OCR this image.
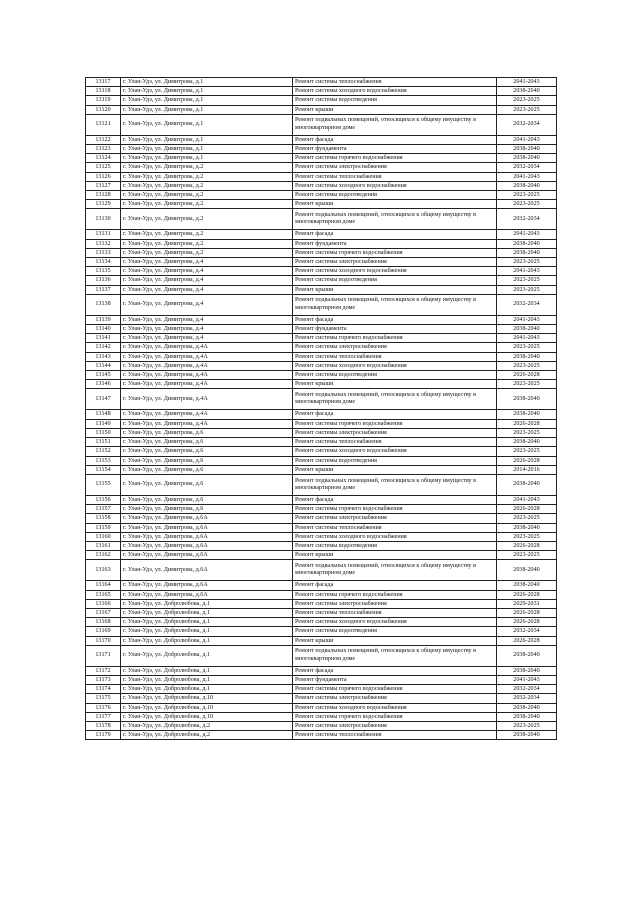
13117	г. Улан-Удэ, ул. Димитрова, д.1	Ремонт системы теплоснабжения	2041-2043
13118	г. Улан-Удэ, ул. Димитрова, д.1	Ремонт системы холодного водоснабжения	2038-2040
13119	г. Улан-Удэ, ул. Димитрова, д.1	Ремонт системы водоотведения	2023-2025
13120	г. Улан-Удэ, ул. Димитрова, д.1	Ремонт крыши	2023-2025
13121	г. Улан-Удэ, ул. Димитрова, д.1	Ремонт подвальных помещений, относящихся к общему имуществу в многоквартирном доме	2032-2034
13122	г. Улан-Удэ, ул. Димитрова, д.1	Ремонт фасада	2041-2043
13123	г. Улан-Удэ, ул. Димитрова, д.1	Ремонт фундамента	2038-2040
13124	г. Улан-Удэ, ул. Димитрова, д.1	Ремонт системы горячего водоснабжения	2038-2040
13125	г. Улан-Удэ, ул. Димитрова, д.2	Ремонт системы электроснабжения	2032-2034
13126	г. Улан-Удэ, ул. Димитрова, д.2	Ремонт системы теплоснабжения	2041-2043
13127	г. Улан-Удэ, ул. Димитрова, д.2	Ремонт системы холодного водоснабжения	2038-2040
13128	г. Улан-Удэ, ул. Димитрова, д.2	Ремонт системы водоотведения	2023-2025
13129	г. Улан-Удэ, ул. Димитрова, д.2	Ремонт крыши	2023-2025
13130	г. Улан-Удэ, ул. Димитрова, д.2	Ремонт подвальных помещений, относящихся к общему имуществу в многоквартирном доме	2032-2034
13131	г. Улан-Удэ, ул. Димитрова, д.2	Ремонт фасада	2041-2043
13132	г. Улан-Удэ, ул. Димитрова, д.2	Ремонт фундамента	2038-2040
13133	г. Улан-Удэ, ул. Димитрова, д.2	Ремонт системы горячего водоснабжения	2038-2040
13134	г. Улан-Удэ, ул. Димитрова, д.4	Ремонт системы электроснабжения	2023-2025
13135	г. Улан-Удэ, ул. Димитрова, д.4	Ремонт системы холодного водоснабжения	2041-2043
13136	г. Улан-Удэ, ул. Димитрова, д.4	Ремонт системы водоотведения	2023-2025
13137	г. Улан-Удэ, ул. Димитрова, д.4	Ремонт крыши	2023-2025
13138	г. Улан-Удэ, ул. Димитрова, д.4	Ремонт подвальных помещений, относящихся к общему имуществу в многоквартирном доме	2032-2034
13139	г. Улан-Удэ, ул. Димитрова, д.4	Ремонт фасада	2041-2043
13140	г. Улан-Удэ, ул. Димитрова, д.4	Ремонт фундамента	2038-2040
13141	г. Улан-Удэ, ул. Димитрова, д.4	Ремонт системы горячего водоснабжения	2041-2043
13142	г. Улан-Удэ, ул. Димитрова, д.4А	Ремонт системы электроснабжения	2023-2025
13143	г. Улан-Удэ, ул. Димитрова, д.4А	Ремонт системы теплоснабжения	2038-2040
13144	г. Улан-Удэ, ул. Димитрова, д.4А	Ремонт системы холодного водоснабжения	2023-2025
13145	г. Улан-Удэ, ул. Димитрова, д.4А	Ремонт системы водоотведения	2026-2028
13146	г. Улан-Удэ, ул. Димитрова, д.4А	Ремонт крыши	2023-2025
13147	г. Улан-Удэ, ул. Димитрова, д.4А	Ремонт подвальных помещений, относящихся к общему имуществу в многоквартирном доме	2038-2040
13148	г. Улан-Удэ, ул. Димитрова, д.4А	Ремонт фасада	2038-2040
13149	г. Улан-Удэ, ул. Димитрова, д.4А	Ремонт системы горячего водоснабжения	2026-2028
13150	г. Улан-Удэ, ул. Димитрова, д.6	Ремонт системы электроснабжения	2023-2025
13151	г. Улан-Удэ, ул. Димитрова, д.6	Ремонт системы теплоснабжения	2038-2040
13152	г. Улан-Удэ, ул. Димитрова, д.6	Ремонт системы холодного водоснабжения	2023-2025
13153	г. Улан-Удэ, ул. Димитрова, д.6	Ремонт системы водоотведения	2026-2028
13154	г. Улан-Удэ, ул. Димитрова, д.6	Ремонт крыши	2014-2016
13155	г. Улан-Удэ, ул. Димитрова, д.6	Ремонт подвальных помещений, относящихся к общему имуществу в многоквартирном доме	2038-2040
13156	г. Улан-Удэ, ул. Димитрова, д.6	Ремонт фасада	2041-2043
13157	г. Улан-Удэ, ул. Димитрова, д.6	Ремонт системы горячего водоснабжения	2026-2028
13158	г. Улан-Удэ, ул. Димитрова, д.6А	Ремонт системы электроснабжения	2023-2025
13159	г. Улан-Удэ, ул. Димитрова, д.6А	Ремонт системы теплоснабжения	2038-2040
13160	г. Улан-Удэ, ул. Димитрова, д.6А	Ремонт системы холодного водоснабжения	2023-2025
13161	г. Улан-Удэ, ул. Димитрова, д.6А	Ремонт системы водоотведения	2026-2028
13162	г. Улан-Удэ, ул. Димитрова, д.6А	Ремонт крыши	2023-2025
13163	г. Улан-Удэ, ул. Димитрова, д.6А	Ремонт подвальных помещений, относящихся к общему имуществу в многоквартирном доме	2038-2040
13164	г. Улан-Удэ, ул. Димитрова, д.6А	Ремонт фасада	2038-2040
13165	г. Улан-Удэ, ул. Димитрова, д.6А	Ремонт системы горячего водоснабжения	2026-2028
13166	г. Улан-Удэ, ул. Добролюбова, д.1	Ремонт системы электроснабжения	2029-2031
13167	г. Улан-Удэ, ул. Добролюбова, д.1	Ремонт системы теплоснабжения	2026-2028
13168	г. Улан-Удэ, ул. Добролюбова, д.1	Ремонт системы холодного водоснабжения	2026-2028
13169	г. Улан-Удэ, ул. Добролюбова, д.1	Ремонт системы водоотведения	2032-2034
13170	г. Улан-Удэ, ул. Добролюбова, д.1	Ремонт крыши	2026-2028
13171	г. Улан-Удэ, ул. Добролюбова, д.1	Ремонт подвальных помещений, относящихся к общему имуществу в многоквартирном доме	2038-2040
13172	г. Улан-Удэ, ул. Добролюбова, д.1	Ремонт фасада	2038-2040
13173	г. Улан-Удэ, ул. Добролюбова, д.1	Ремонт фундамента	2041-2043
13174	г. Улан-Удэ, ул. Добролюбова, д.1	Ремонт системы горячего водоснабжения	2032-2034
13175	г. Улан-Удэ, ул. Добролюбова, д.10	Ремонт системы электроснабжения	2032-2034
13176	г. Улан-Удэ, ул. Добролюбова, д.10	Ремонт системы холодного водоснабжения	2038-2040
13177	г. Улан-Удэ, ул. Добролюбова, д.10	Ремонт системы горячего водоснабжения	2038-2040
13178	г. Улан-Удэ, ул. Добролюбова, д.2	Ремонт системы электроснабжения	2023-2025
13179	г. Улан-Удэ, ул. Добролюбова, д.2	Ремонт системы теплоснабжения	2038-2040
